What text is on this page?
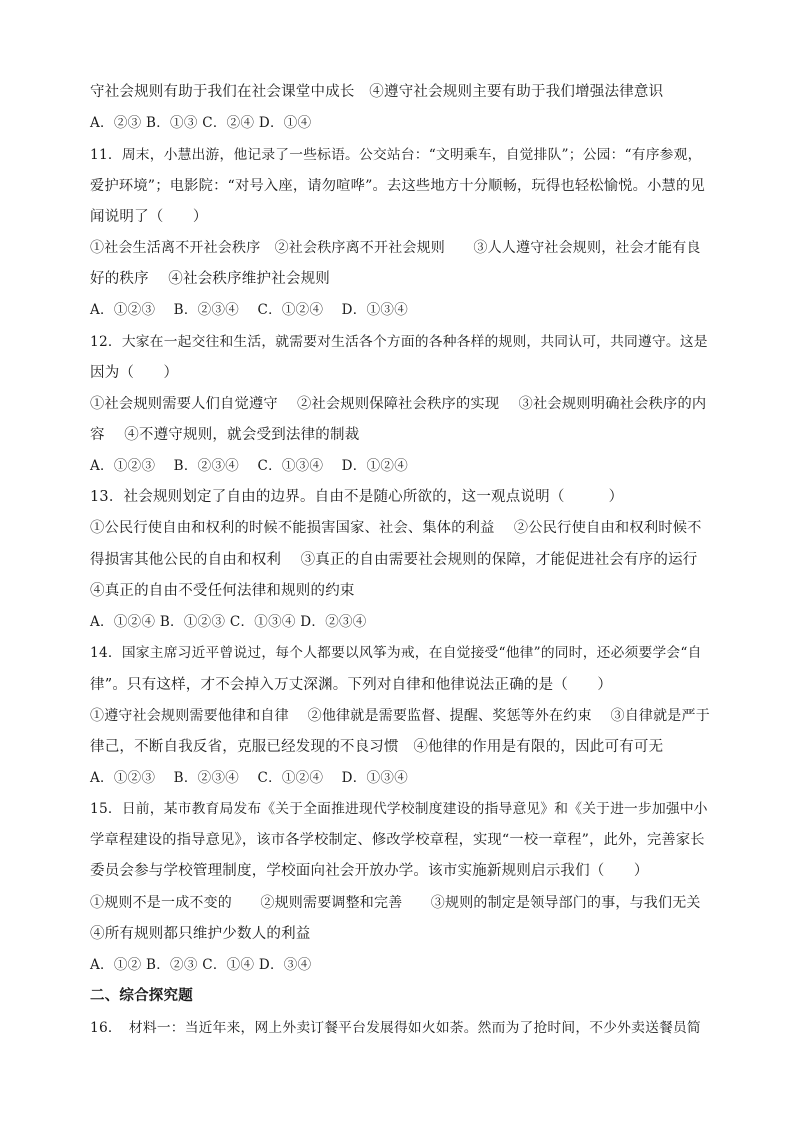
守社会规则有助于我们在社会课堂中成长　④遵守社会规则主要有助于我们增强法律意识
A．②③ B．①③ C．②④ D．①④
11．周末，小慧出游，他记录了一些标语。公交站台：“文明乘车，自觉排队”；公园：“有序参观，
爱护环境”；电影院：“对号入座，请勿喧哗”。去这些地方十分顺畅，玩得也轻松愉悦。小慧的见
闻说明了（　　）
①社会生活离不开社会秩序　②社会秩序离不开社会规则　　③人人遵守社会规则，社会才能有良
好的秩序　 ④社会秩序维护社会规则
A．①②③　 B．②③④　 C．①②④　 D．①③④
12．大家在一起交往和生活，就需要对生活各个方面的各种各样的规则，共同认可，共同遵守。这是
因为（　　）
①社会规则需要人们自觉遵守　 ②社会规则保障社会秩序的实现　 ③社会规则明确社会秩序的内
容　 ④不遵守规则，就会受到法律的制裁
A．①②③　 B．②③④　 C．①③④　 D．①②④
13．社会规则划定了自由的边界。自由不是随心所欲的，这一观点说明（　　　）
①公民行使自由和权利的时候不能损害国家、社会、集体的利益　 ②公民行使自由和权利时候不
得损害其他公民的自由和权利　 ③真正的自由需要社会规则的保障，才能促进社会有序的运行
④真正的自由不受任何法律和规则的约束
A．①②④ B．①②③ C．①③④ D．②③④
14．国家主席习近平曾说过，每个人都要以风筝为戒，在自觉接受“他律”的同时，还必须要学会“自
律”。只有这样，才不会掉入万丈深渊。下列对自律和他律说法正确的是（　　）
①遵守社会规则需要他律和自律　 ②他律就是需要监督、提醒、奖惩等外在约束　 ③自律就是严于
律己，不断自我反省，克服已经发现的不良习惯　④他律的作用是有限的，因此可有可无
A．①②③　 B．②③④　 C．①②④　 D．①③④
15．日前，某市教育局发布《关于全面推进现代学校制度建设的指导意见》和《关于进一步加强中小
学章程建设的指导意见》，该市各学校制定、修改学校章程，实现“一校一章程”，此外，完善家长
委员会参与学校管理制度，学校面向社会开放办学。该市实施新规则启示我们（　　）
①规则不是一成不变的　　②规则需要调整和完善　　③规则的制定是领导部门的事，与我们无关
④所有规则都只维护少数人的利益
A．①② B．②③ C．①④ D．③④
二、综合探究题
16．　材料一：当近年来，网上外卖订餐平台发展得如火如荼。然而为了抢时间，不少外卖送餐员简
